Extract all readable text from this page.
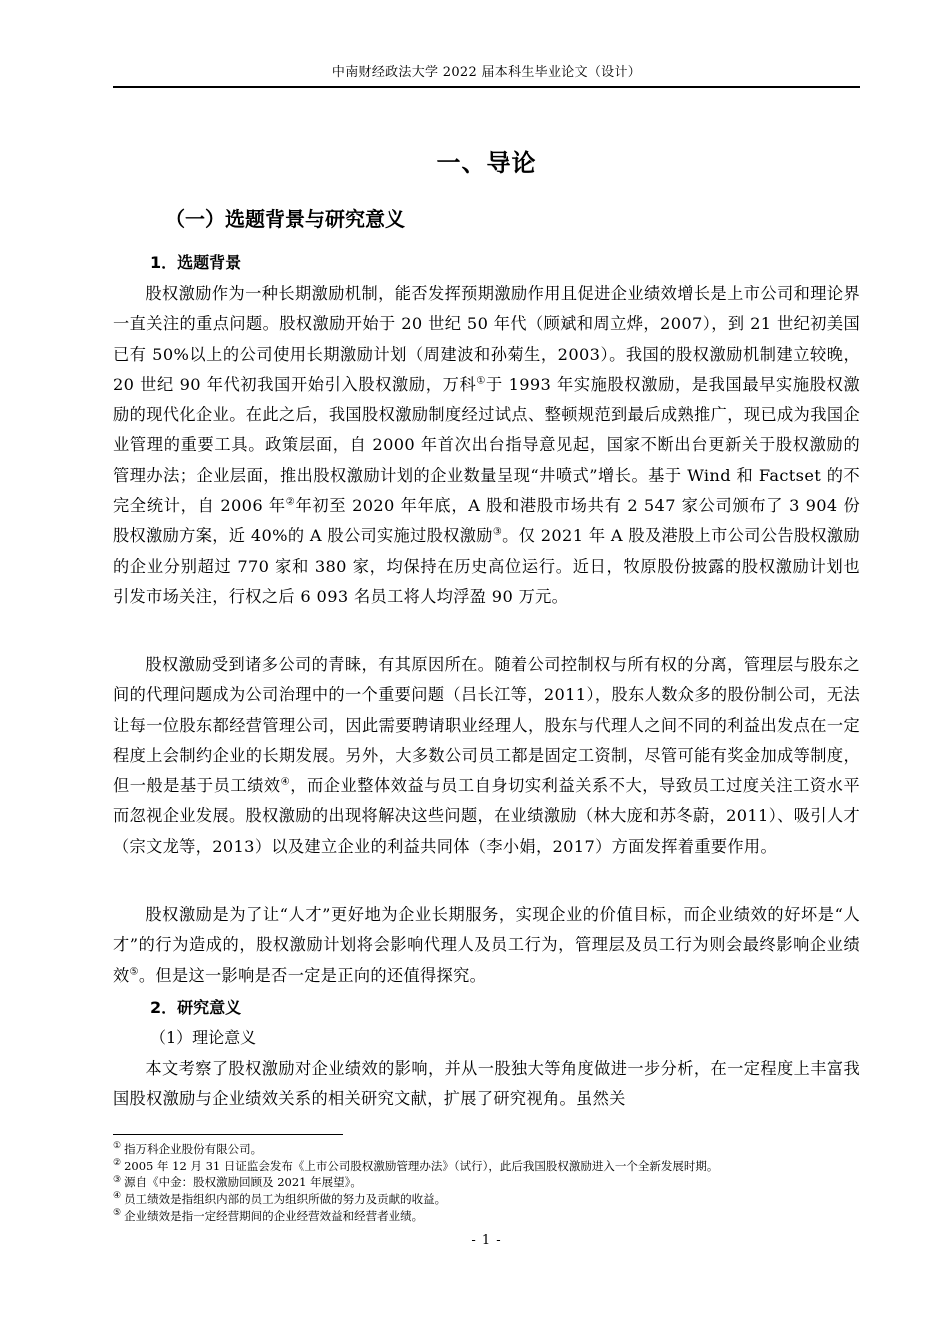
中南财经政法大学 2022 届本科生毕业论文（设计）
一、导论
（一）选题背景与研究意义
1．选题背景
股权激励作为一种长期激励机制，能否发挥预期激励作用且促进企业绩效增长是上市公司和理论界一直关注的重点问题。股权激励开始于 20 世纪 50 年代（顾斌和周立烨，2007），到 21 世纪初美国已有 50%以上的公司使用长期激励计划（周建波和孙菊生，2003）。我国的股权激励机制建立较晚，20 世纪 90 年代初我国开始引入股权激励，万科①于 1993 年实施股权激励，是我国最早实施股权激励的现代化企业。在此之后，我国股权激励制度经过试点、整顿规范到最后成熟推广，现已成为我国企业管理的重要工具。政策层面，自 2000 年首次出台指导意见起，国家不断出台更新关于股权激励的管理办法；企业层面，推出股权激励计划的企业数量呈现“井喷式”增长。基于 Wind 和 Factset 的不完全统计，自 2006 年②年初至 2020 年年底，A 股和港股市场共有 2 547 家公司颁布了 3 904 份股权激励方案，近 40%的 A 股公司实施过股权激励③。仅 2021 年 A 股及港股上市公司公告股权激励的企业分别超过 770 家和 380 家，均保持在历史高位运行。近日，牧原股份披露的股权激励计划也引发市场关注，行权之后 6 093 名员工将人均浮盈 90 万元。
股权激励受到诸多公司的青睐，有其原因所在。随着公司控制权与所有权的分离，管理层与股东之间的代理问题成为公司治理中的一个重要问题（吕长江等，2011），股东人数众多的股份制公司，无法让每一位股东都经营管理公司，因此需要聘请职业经理人，股东与代理人之间不同的利益出发点在一定程度上会制约企业的长期发展。另外，大多数公司员工都是固定工资制，尽管可能有奖金加成等制度，但一般是基于员工绩效④，而企业整体效益与员工自身切实利益关系不大，导致员工过度关注工资水平而忽视企业发展。股权激励的出现将解决这些问题，在业绩激励（林大庞和苏冬蔚，2011）、吸引人才（宗文龙等，2013）以及建立企业的利益共同体（李小娟，2017）方面发挥着重要作用。
股权激励是为了让“人才”更好地为企业长期服务，实现企业的价值目标，而企业绩效的好坏是“人才”的行为造成的，股权激励计划将会影响代理人及员工行为，管理层及员工行为则会最终影响企业绩效⑤。但是这一影响是否一定是正向的还值得探究。
2．研究意义
（1）理论意义
本文考察了股权激励对企业绩效的影响，并从一股独大等角度做进一步分析，在一定程度上丰富我国股权激励与企业绩效关系的相关研究文献，扩展了研究视角。虽然关
① 指万科企业股份有限公司。
② 2005 年 12 月 31 日证监会发布《上市公司股权激励管理办法》（试行），此后我国股权激励进入一个全新发展时期。
③ 源自《中金：股权激励回顾及 2021 年展望》。
④ 员工绩效是指组织内部的员工为组织所做的努力及贡献的收益。
⑤ 企业绩效是指一定经营期间的企业经营效益和经营者业绩。
- 1 -
